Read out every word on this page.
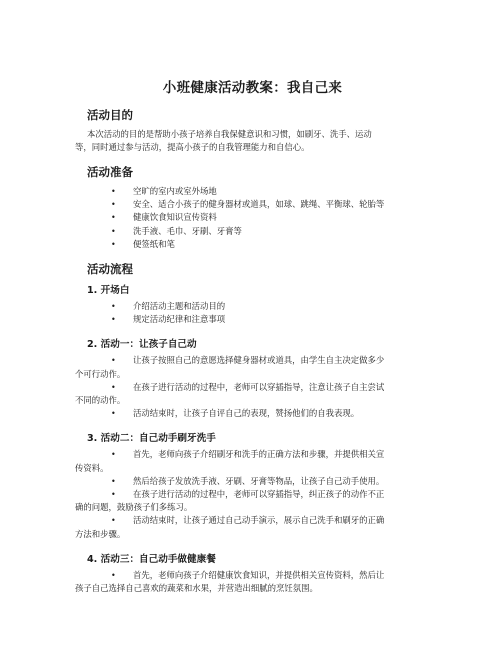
小班健康活动教案：我自己来
活动目的
本次活动的目的是帮助小孩子培养自我保健意识和习惯，如刷牙、洗手、运动
等，同时通过参与活动，提高小孩子的自我管理能力和自信心。
活动准备
• 空旷的室内或室外场地
• 安全、适合小孩子的健身器材或道具，如球、跳绳、平衡球、轮胎等
• 健康饮食知识宣传资料
• 洗手液、毛巾、牙刷、牙膏等
• 便签纸和笔
活动流程
1. 开场白
• 介绍活动主题和活动目的
• 规定活动纪律和注意事项
2. 活动一：让孩子自己动
• 让孩子按照自己的意愿选择健身器材或道具，由学生自主决定做多少
个可行动作。
• 在孩子进行活动的过程中，老师可以穿插指导，注意让孩子自主尝试
不同的动作。
• 活动结束时，让孩子自评自己的表现，赞扬他们的自我表现。
3. 活动二：自己动手刷牙洗手
• 首先，老师向孩子介绍刷牙和洗手的正确方法和步骤，并提供相关宣
传资料。
• 然后给孩子发放洗手液、牙刷、牙膏等物品，让孩子自己动手使用。
• 在孩子进行活动的过程中，老师可以穿插指导，纠正孩子的动作不正
确的问题，鼓励孩子们多练习。
• 活动结束时，让孩子通过自己动手演示，展示自己洗手和刷牙的正确
方法和步骤。
4. 活动三：自己动手做健康餐
• 首先，老师向孩子介绍健康饮食知识，并提供相关宣传资料，然后让
孩子自己选择自己喜欢的蔬菜和水果，并营造出细腻的烹饪氛围。
